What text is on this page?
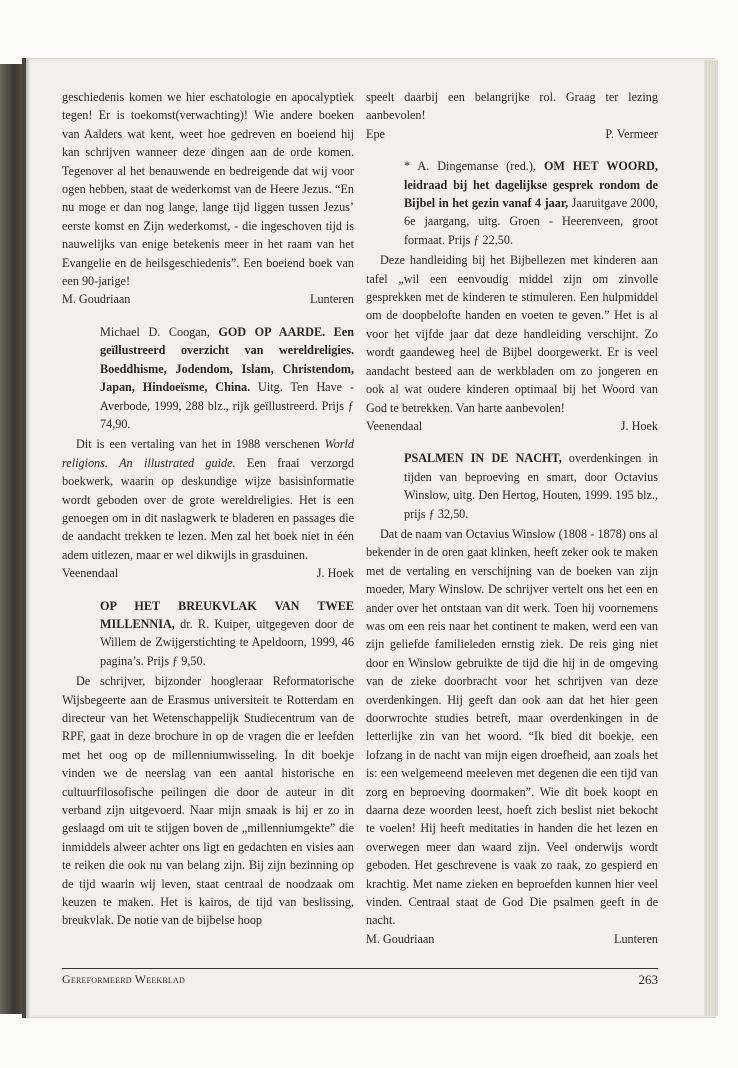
geschiedenis komen we hier eschatologie en apocalyptiek tegen! Er is toekomst(verwachting)! Wie andere boeken van Aalders wat kent, weet hoe gedreven en boeiend hij kan schrijven wanneer deze dingen aan de orde komen. Tegenover al het benauwende en bedreigende dat wij voor ogen hebben, staat de wederkomst van de Heere Jezus. “En nu moge er dan nog lange, lange tijd liggen tussen Jezus’ eerste komst en Zijn wederkomst, - die ingeschoven tijd is nauwelijks van enige betekenis meer in het raam van het Evangelie en de heilsgeschiedenis”. Een boeiend boek van een 90-jarige!

M. Goudriaan	Lunteren
Michael D. Coogan, GOD OP AARDE. Een geïllustreerd overzicht van wereldreligies. Boeddhisme, Jodendom, Islam, Christendom, Japan, Hindoeïsme, China. Uitg. Ten Have - Averbode, 1999, 288 blz., rijk geïllustreerd. Prijs ƒ 74,90.

Dit is een vertaling van het in 1988 verschenen World religions. An illustrated guide. Een fraai verzorgd boekwerk, waarin op deskundige wijze basisinformatie wordt geboden over de grote wereldreligies. Het is een genoegen om in dit naslagwerk te bladeren en passages die de aandacht trekken te lezen. Men zal het boek niet in één adem uitlezen, maar er wel dikwijls in grasduinen.

Veenendaal	J. Hoek
OP HET BREUKVLAK VAN TWEE MILLENNIA, dr. R. Kuiper, uitgegeven door de Willem de Zwijgerstichting te Apeldoorn, 1999, 46 pagina’s. Prijs ƒ 9,50.

De schrijver, bijzonder hoogleraar Reformatorische Wijsbegeerte aan de Erasmus universiteit te Rotterdam en directeur van het Wetenschappelijk Studiecentrum van de RPF, gaat in deze brochure in op de vragen die er leefden met het oog op de millenniumwisseling. In dit boekje vinden we de neerslag van een aantal historische en cultuurfilosofische peilingen die door de auteur in dit verband zijn uitgevoerd. Naar mijn smaak is hij er zo in geslaagd om uit te stijgen boven de „millenniumgekte” die inmiddels alweer achter ons ligt en gedachten en visies aan te reiken die ook nu van belang zijn. Bij zijn bezinning op de tijd waarin wij leven, staat centraal de noodzaak om keuzen te maken. Het is kairos, de tijd van beslissing, breukvlak. De notie van de bijbelse hoop

speelt daarbij een belangrijke rol. Graag ter lezing aanbevolen!

Epe	P. Vermeer
* A. Dingemanse (red.), OM HET WOORD, leidraad bij het dagelijkse gesprek rondom de Bijbel in het gezin vanaf 4 jaar, Jaaruitgave 2000, 6e jaargang, uitg. Groen - Heerenveen, groot formaat. Prijs ƒ 22,50.

Deze handleiding bij het Bijbellezen met kinderen aan tafel „wil een eenvoudig middel zijn om zinvolle gesprekken met de kinderen te stimuleren. Een hulpmiddel om de doopbelofte handen en voeten te geven.” Het is al voor het vijfde jaar dat deze handleiding verschijnt. Zo wordt gaandeweg heel de Bijbel doorgewerkt. Er is veel aandacht besteed aan de werkbladen om zo jongeren en ook al wat oudere kinderen optimaal bij het Woord van God te betrekken. Van harte aanbevolen!

Veenendaal	J. Hoek
PSALMEN IN DE NACHT, overdenkingen in tijden van beproeving en smart, door Octavius Winslow, uitg. Den Hertog, Houten, 1999. 195 blz., prijs ƒ 32,50.

Dat de naam van Octavius Winslow (1808 - 1878) ons al bekender in de oren gaat klinken, heeft zeker ook te maken met de vertaling en verschijning van de boeken van zijn moeder, Mary Winslow. De schrijver vertelt ons het een en ander over het ontstaan van dit werk. Toen hij voornemens was om een reis naar het continent te maken, werd een van zijn geliefde familieleden ernstig ziek. De reis ging niet door en Winslow gebruikte de tijd die hij in de omgeving van de zieke doorbracht voor het schrijven van deze overdenkingen. Hij geeft dan ook aan dat het hier geen doorwrochte studies betreft, maar overdenkingen in de letterlijke zin van het woord. “Ik bied dit boekje, een lofzang in de nacht van mijn eigen droefheid, aan zoals het is: een welgemeend meeleven met degenen die een tijd van zorg en beproeving doormaken”. Wie dit boek koopt en daarna deze woorden leest, hoeft zich beslist niet bekocht te voelen! Hij heeft meditaties in handen die het lezen en overwegen meer dan waard zijn. Veel onderwijs wordt geboden. Het geschrevene is vaak zo raak, zo gespierd en krachtig. Met name zieken en beproefden kunnen hier veel vinden. Centraal staat de God Die psalmen geeft in de nacht.

M. Goudriaan	Lunteren
Gereformeerd Weekblad	263
